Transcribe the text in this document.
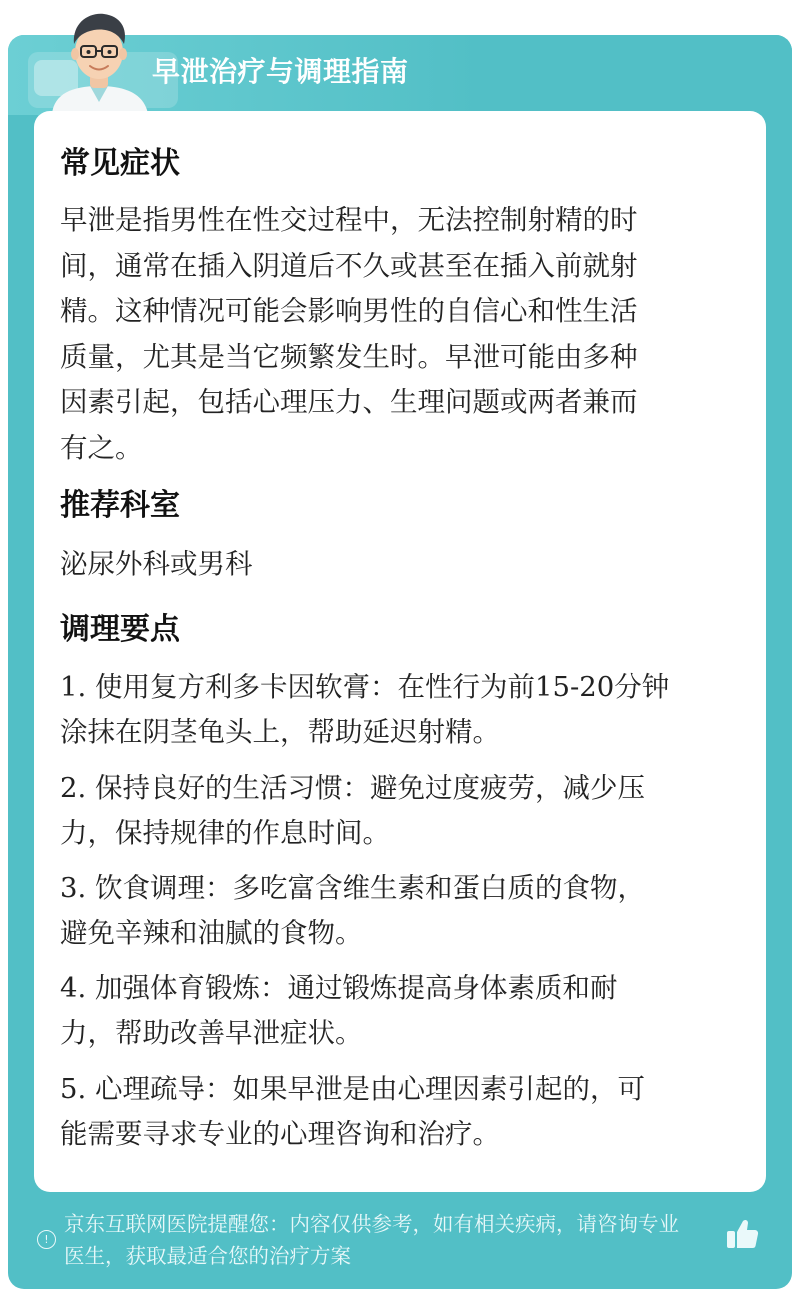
早泄治疗与调理指南
常见症状
早泄是指男性在性交过程中，无法控制射精的时
间，通常在插入阴道后不久或甚至在插入前就射
精。这种情况可能会影响男性的自信心和性生活
质量，尤其是当它频繁发生时。早泄可能由多种
因素引起，包括心理压力、生理问题或两者兼而
有之。
推荐科室
泌尿外科或男科
调理要点
1. 使用复方利多卡因软膏：在性行为前15-20分钟
涂抹在阴茎龟头上，帮助延迟射精。
2. 保持良好的生活习惯：避免过度疲劳，减少压
力，保持规律的作息时间。
3. 饮食调理：多吃富含维生素和蛋白质的食物，
避免辛辣和油腻的食物。
4. 加强体育锻炼：通过锻炼提高身体素质和耐
力，帮助改善早泄症状。
5. 心理疏导：如果早泄是由心理因素引起的，可
能需要寻求专业的心理咨询和治疗。
!
京东互联网医院提醒您：内容仅供参考，如有相关疾病，请咨询专业
医生，获取最适合您的治疗方案
